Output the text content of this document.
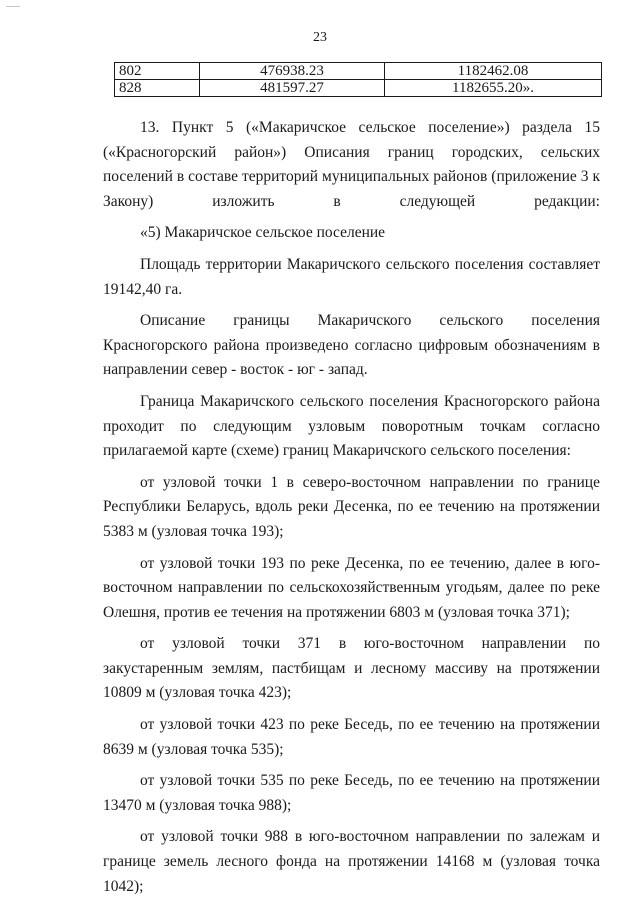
23
802	476938.23	1182462.08
828	481597.27	1182655.20».

13. Пункт 5 («Макаричское сельское поселение») раздела 15 («Красногорский район») Описания границ городских, сельских поселений в составе территорий муниципальных районов (приложение 3 к Закону) изложить в следующей редакции:

«5) Макаричское сельское поселение

Площадь территории Макаричского сельского поселения составляет 19142,40 га.

Описание границы Макаричского сельского поселения Красногорского района произведено согласно цифровым обозначениям в направлении север - восток - юг - запад.

Граница Макаричского сельского поселения Красногорского района проходит по следующим узловым поворотным точкам согласно прилагаемой карте (схеме) границ Макаричского сельского поселения:

от узловой точки 1 в северо-восточном направлении по границе Республики Беларусь, вдоль реки Десенка, по ее течению на протяжении 5383 м (узловая точка 193);

от узловой точки 193 по реке Десенка, по ее течению, далее в юго-восточном направлении по сельскохозяйственным угодьям, далее по реке Олешня, против ее течения на протяжении 6803 м (узловая точка 371);

от узловой точки 371 в юго-восточном направлении по закустаренным землям, пастбищам и лесному массиву на протяжении 10809 м (узловая точка 423);

от узловой точки 423 по реке Беседь, по ее течению на протяжении 8639 м (узловая точка 535);

от узловой точки 535 по реке Беседь, по ее течению на протяжении 13470 м (узловая точка 988);

от узловой точки 988 в юго-восточном направлении по залежам и границе земель лесного фонда на протяжении 14168 м (узловая точка 1042);
